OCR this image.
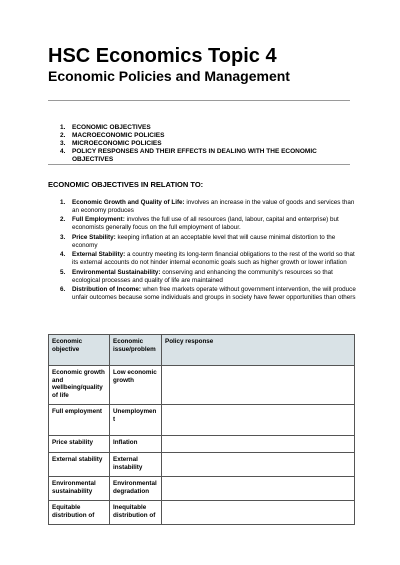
HSC Economics Topic 4
Economic Policies and Management
1.	ECONOMIC OBJECTIVES
2.	MACROECONOMIC POLICIES
3.	MICROECONOMIC POLICIES
4.	POLICY RESPONSES AND THEIR EFFECTS IN DEALING WITH THE ECONOMIC OBJECTIVES
ECONOMIC OBJECTIVES IN RELATION TO:
1.	Economic Growth and Quality of Life: involves an increase in the value of goods and services than an economy produces
2.	Full Employment: involves the full use of all resources (land, labour, capital and enterprise) but economists generally focus on the full employment of labour.
3.	Price Stability: keeping inflation at an acceptable level that will cause minimal distortion to the economy
4.	External Stability: a country meeting its long-term financial obligations to the rest of the world so that its external accounts do not hinder internal economic goals such as higher growth or lower inflation
5.	Environmental Sustainability: conserving and enhancing the community's resources so that ecological processes and quality of life are maintained
6.	Distribution of Income: when free markets operate without government intervention, the will produce unfair outcomes because some individuals and groups in society have fewer opportunities than others
Economic objective	Economic issue/problem	Policy response
Economic growth and wellbeing/quality of life	Low economic growth	
Full employment	Unemploymen t	
Price stability	Inflation	
External stability	External instability	
Environmental sustainability	Environmental degradation	
Equitable distribution of	Inequitable distribution of	
